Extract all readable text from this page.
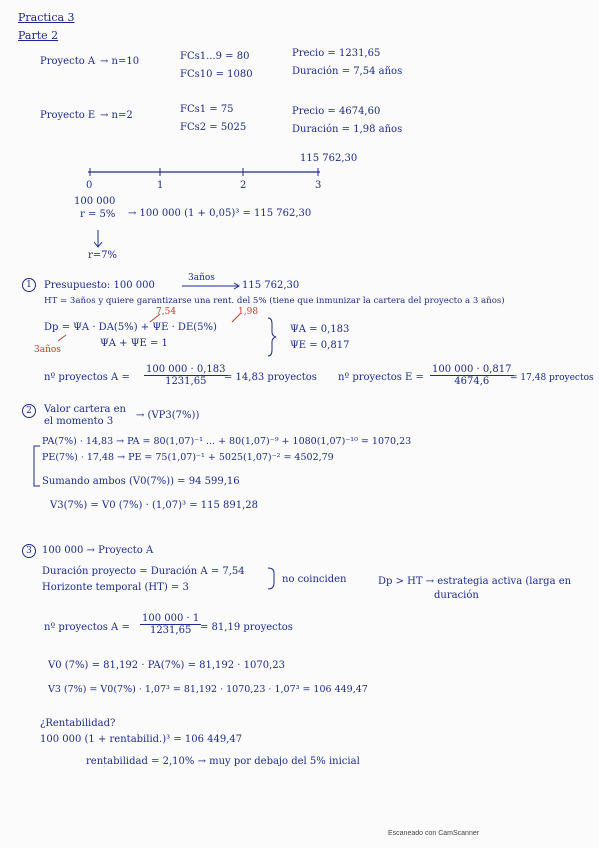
Practica 3
Parte 2
Proyecto A → n=10	FCs1...9 = 80
FCs10 = 1080
Precio = 1231,65
Duración = 7,54 años
Proyecto E → n=2
FCs1 = 75
FCs2 = 5025
Precio = 4674,60
Duración = 1,98 años
115 762,30
0	1	2	3
100 000
r = 5% → 100 000 (1 + 0,05)³ = 115 762,30
r=7%
1	Presupuesto: 100 000
3años
115 762,30
HT = 3años y quiere garantizarse una rent. del 5% (tiene que inmunizar la cartera del proyecto a 3 años)
7,54	1,98
Dp = ΨA · DA(5%) + ΨE · DE(5%)
3años
ΨA + ΨE = 1
ΨA = 0,183
ΨE = 0,817
nº proyectos $A = \frac{100 000 \cdot 0,183}{1231,65}$
= 14,83 proyectos nº proyectos $E = \frac{100 000 \cdot 0,817}{4674,6}$
= 17,48 proyectos
2	Valor cartera en
el momento 3
→ (VP3(7%))
PA(7%) · 14,83 → PA = 80(1,07)⁻¹ ... + 80(1,07)⁻⁹ + 1080(1,07)⁻¹⁰ = 1070,23
PE(7%) · 17,48 → PE = 75(1,07)⁻¹ + 5025(1,07)⁻² = 4502,79
Sumando ambos (V0(7%)) = 94 599,16
V3(7%) = V0 (7%) · (1,07)³ = 115 891,28
3	100 000 → Proyecto A
Duración proyecto = Duración A = 7,54
Horizonte temporal (HT) = 3
no coinciden	Dp > HT → estrategia activa (larga en
duración
nº proyectos $A = \frac{100 000 \cdot 1}{1231,65}$
= 81,19 proyectos
V0 (7%) = 81,192 · PA(7%) = 81,192 · 1070,23
V3 (7%) = V0(7%) · 1,07³ = 81,192 · 1070,23 · 1,07³ = 106 449,47
¿Rentabilidad?
100 000 (1 + rentabilid.)³ = 106 449,47
rentabilidad = 2,10% → muy por debajo del 5% inicial
Escaneado con CamScanner
